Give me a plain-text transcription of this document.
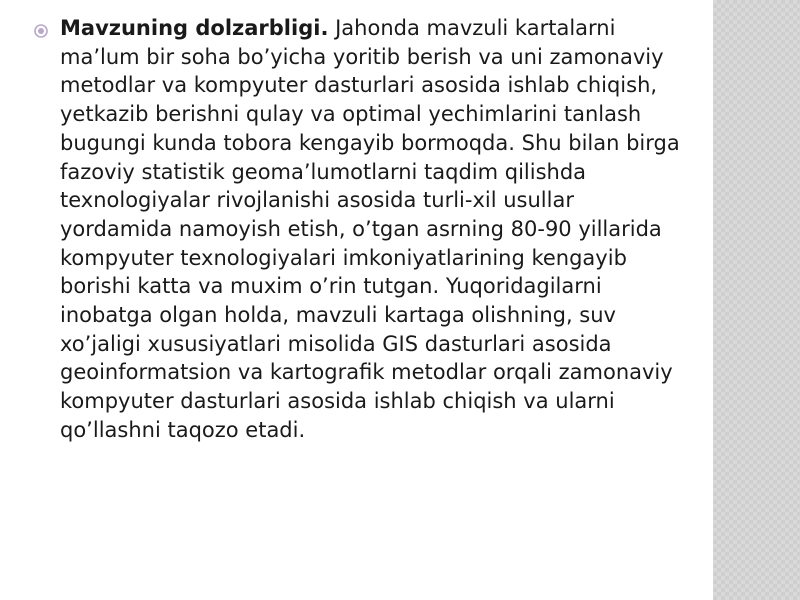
Mavzuning dolzarbligi. Jahonda mavzuli kartalarni ma’lum bir soha bo’yicha yoritib berish va uni zamonaviy metodlar va kompyuter dasturlari asosida ishlab chiqish, yetkazib berishni qulay va optimal yechimlarini tanlash bugungi kunda tobora kengayib bormoqda. Shu bilan birga fazoviy statistik geoma’lumotlarni taqdim qilishda texnologiyalar rivojlanishi asosida turli-xil usullar yordamida namoyish etish, o’tgan asrning 80-90 yillarida kompyuter texnologiyalari imkoniyatlarining kengayib borishi katta va muxim o’rin tutgan. Yuqoridagilarni inobatga olgan holda, mavzuli kartaga olishning, suv xo’jaligi xususiyatlari misolida GIS dasturlari asosida geoinformatsion va kartografik metodlar orqali zamonaviy kompyuter dasturlari asosida ishlab chiqish va ularni qo’llashni taqozo etadi.
